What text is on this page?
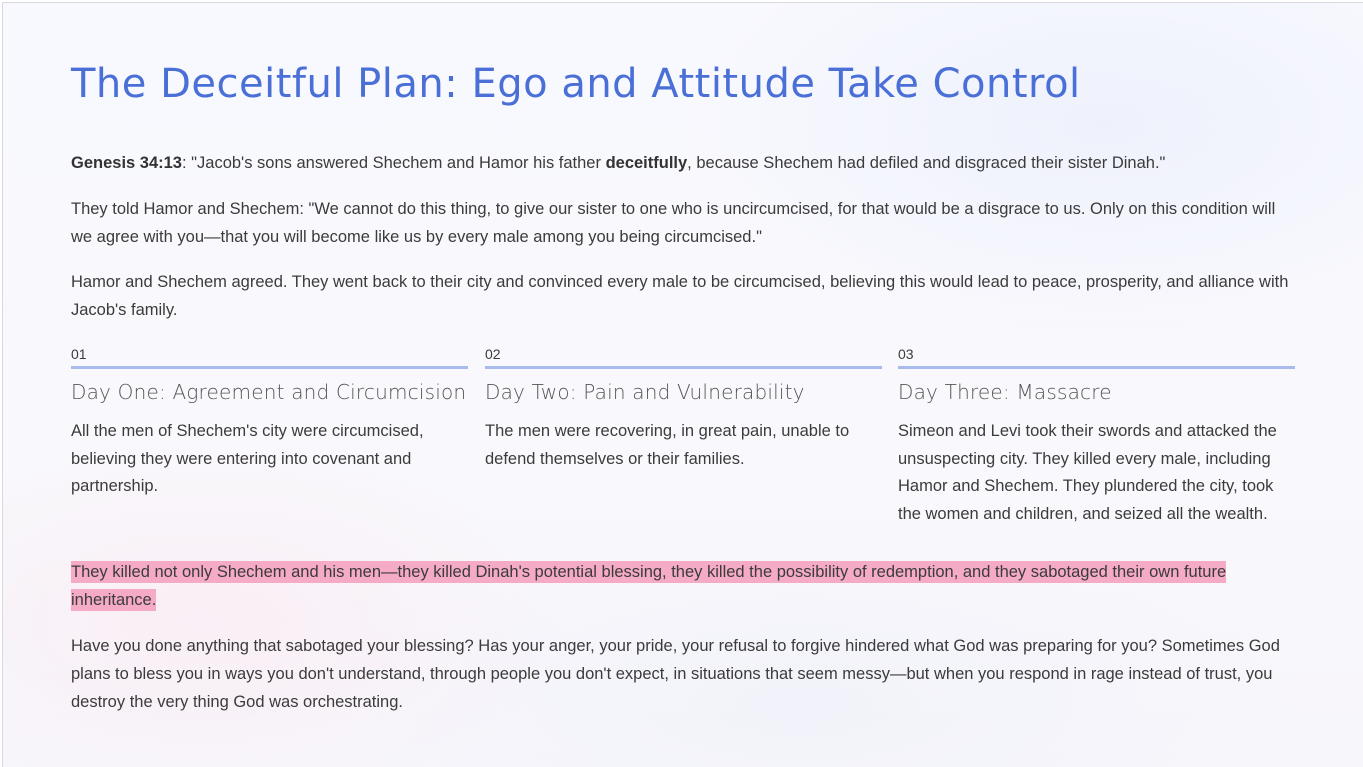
The Deceitful Plan: Ego and Attitude Take Control

Genesis 34:13: "Jacob's sons answered Shechem and Hamor his father deceitfully, because Shechem had defiled and disgraced their sister Dinah."

They told Hamor and Shechem: "We cannot do this thing, to give our sister to one who is uncircumcised, for that would be a disgrace to us. Only on this condition will we agree with you—that you will become like us by every male among you being circumcised."

Hamor and Shechem agreed. They went back to their city and convinced every male to be circumcised, believing this would lead to peace, prosperity, and alliance with Jacob's family.

01
Day One: Agreement and Circumcision
All the men of Shechem's city were circumcised, believing they were entering into covenant and partnership.
02
Day Two: Pain and Vulnerability
The men were recovering, in great pain, unable to defend themselves or their families.
03
Day Three: Massacre
Simeon and Levi took their swords and attacked the unsuspecting city. They killed every male, including Hamor and Shechem. They plundered the city, took the women and children, and seized all the wealth.

They killed not only Shechem and his men—they killed Dinah's potential blessing, they killed the possibility of redemption, and they sabotaged their own future inheritance.

Have you done anything that sabotaged your blessing? Has your anger, your pride, your refusal to forgive hindered what God was preparing for you? Sometimes God plans to bless you in ways you don't understand, through people you don't expect, in situations that seem messy—but when you respond in rage instead of trust, you destroy the very thing God was orchestrating.
